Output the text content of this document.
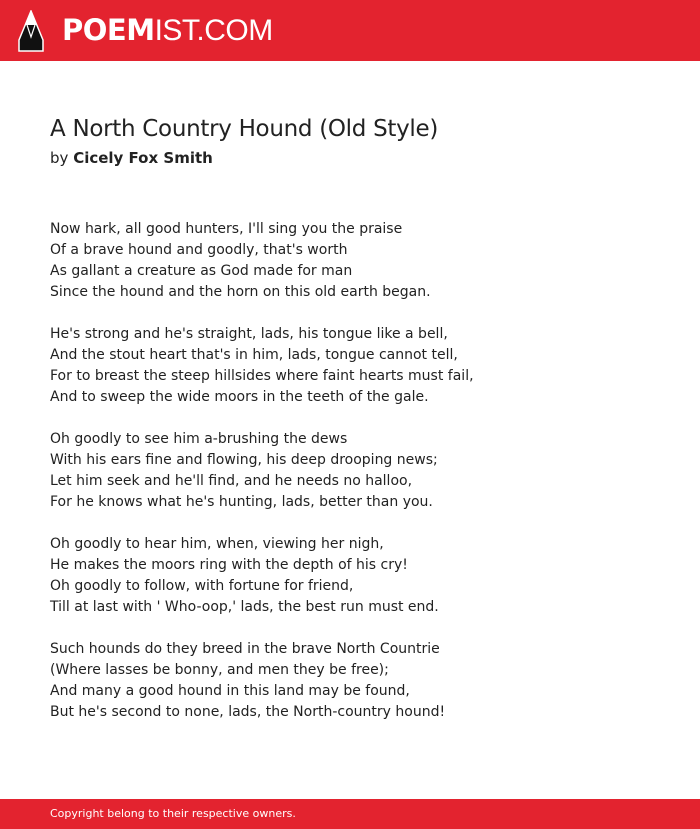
POEMIST.COM
A North Country Hound (Old Style)
by Cicely Fox Smith
Now hark, all good hunters, I'll sing you the praise
Of a brave hound and goodly, that's worth
As gallant a creature as God made for man
Since the hound and the horn on this old earth began.
He's strong and he's straight, lads, his tongue like a bell,
And the stout heart that's in him, lads, tongue cannot tell,
For to breast the steep hillsides where faint hearts must fail,
And to sweep the wide moors in the teeth of the gale.
Oh goodly to see him a-brushing the dews
With his ears fine and flowing, his deep drooping news;
Let him seek and he'll find, and he needs no halloo,
For he knows what he's hunting, lads, better than you.
Oh goodly to hear him, when, viewing her nigh,
He makes the moors ring with the depth of his cry!
Oh goodly to follow, with fortune for friend,
Till at last with ' Who-oop,' lads, the best run must end.
Such hounds do they breed in the brave North Countrie
(Where lasses be bonny, and men they be free);
And many a good hound in this land may be found,
But he's second to none, lads, the North-country hound!
Copyright belong to their respective owners.
